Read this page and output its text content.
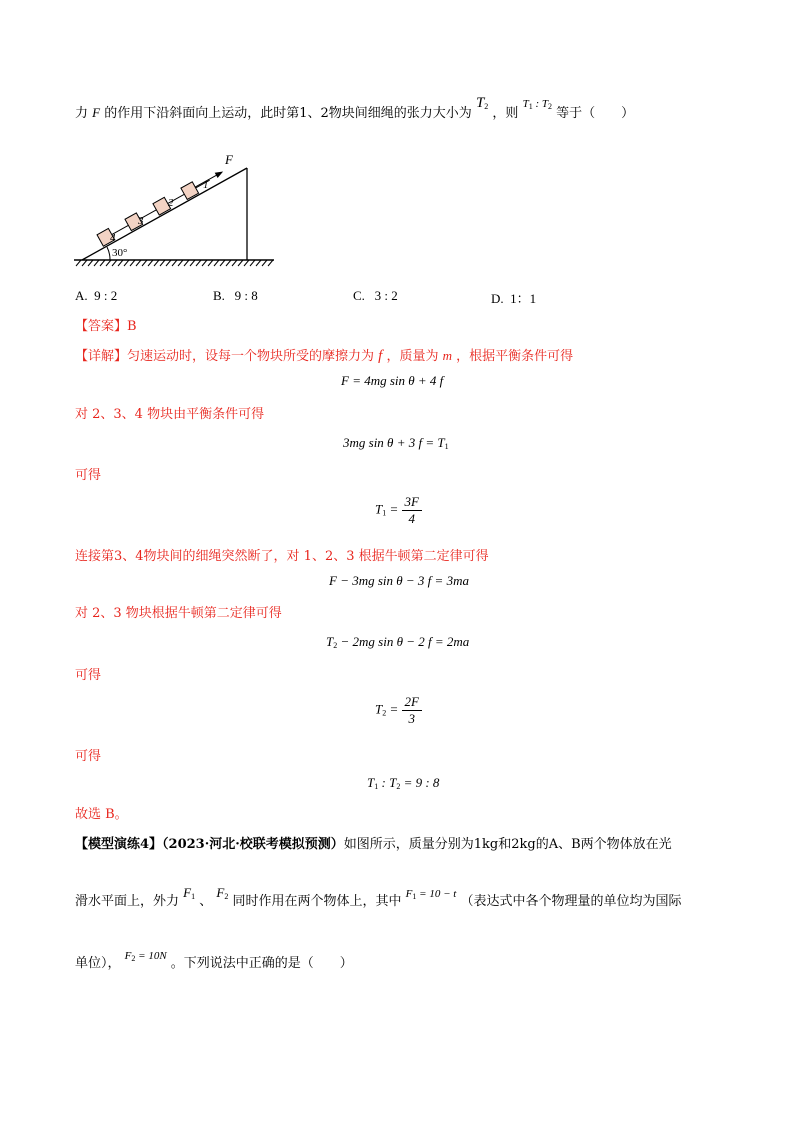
力 F 的作用下沿斜面向上运动，此时第1、2物块间细绳的张力大小为 $T_2$ ，则 $^{T_1 : T_2}$ 等于（　　）
30°
4
3
2
1
F
A. 9 : 2	B. 9 : 8	C. 3 : 2	D. 1：1
【答案】B
【详解】匀速运动时，设每一个物块所受的摩擦力为 f ，质量为 m ，根据平衡条件可得
F = 4mg sin θ + 4 f
对 2、3、4 物块由平衡条件可得
3mg sin θ + 3 $f = T_1$
可得
$T_1 = \frac{3F}{4}$
连接第3、4物块间的细绳突然断了，对 1、2、3 根据牛顿第二定律可得
F − 3mg sin θ − 3 f = 3ma
对 2、3 物块根据牛顿第二定律可得
$T_2 - 2mg$ sin θ − 2 f = 2ma
可得
$T_2 = \frac{2F}{3}$
可得
$T_1$ : $T_2 = 9$ : 8
故选 B。
【模型演练4】（2023·河北·校联考模拟预测）如图所示，质量分别为1kg和2kg的A、B两个物体放在光
滑水平面上，外力 $F_1$ 、 $F_2$ 同时作用在两个物体上，其中 $^{F_1 = 10 - t}$ （表达式中各个物理量的单位均为国际
单位）， $^{F_2 = 10N}$ 。下列说法中正确的是（　　）
